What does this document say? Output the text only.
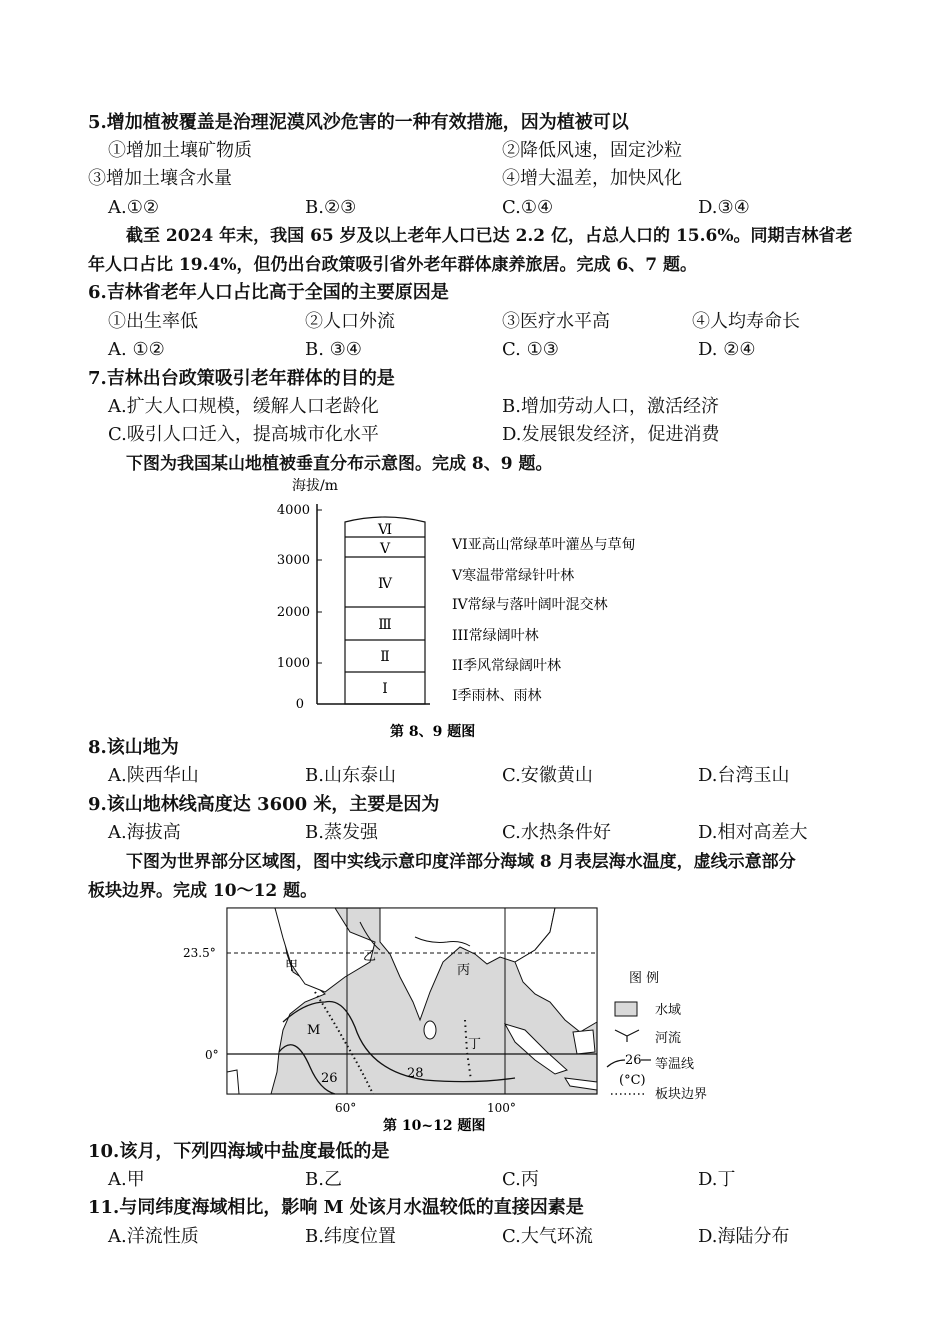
5.增加植被覆盖是治理泥漠风沙危害的一种有效措施，因为植被可以
①增加土壤矿物质	②降低风速，固定沙粒
③增加土壤含水量	④增大温差，加快风化
A.①②	B.②③	C.①④	D.③④
截至 2024 年末，我国 65 岁及以上老年人口已达 2.2 亿，占总人口的 15.6%。同期吉林省老
年人口占比 19.4%，但仍出台政策吸引省外老年群体康养旅居。完成 6、7 题。
6.吉林省老年人口占比高于全国的主要原因是
①出生率低	②人口外流	③医疗水平高	④人均寿命长
A. ①②	B. ③④	C. ①③	D. ②④
7.吉林出台政策吸引老年群体的目的是
A.扩大人口规模，缓解人口老龄化	B.增加劳动人口，激活经济
C.吸引人口迁入，提高城市化水平	D.发展银发经济，促进消费
下图为我国某山地植被垂直分布示意图。完成 8、9 题。
海拔/m
4000
3000
2000
1000
0
Ⅰ
Ⅱ
Ⅲ
Ⅳ
Ⅴ
Ⅵ
VI亚高山常绿革叶灌丛与草甸
V寒温带常绿针叶林
IV常绿与落叶阔叶混交林
III常绿阔叶林
II季风常绿阔叶林
I季雨林、雨林
第 8、9 题图
8.该山地为
A.陕西华山	B.山东泰山	C.安徽黄山	D.台湾玉山
9.该山地林线高度达 3600 米，主要是因为
A.海拔高	B.蒸发强	C.水热条件好	D.相对高差大
下图为世界部分区域图，图中实线示意印度洋部分海域 8 月表层海水温度，虚线示意部分
板块边界。完成 10～12 题。
甲
乙
丙
丁
M
26	28
23.5°
0°
60°	100°
第 10~12 题图
图 例
水域
河流
26 等温线
(°C)
板块边界
10.该月，下列四海域中盐度最低的是
A.甲	B.乙	C.丙	D.丁
11.与同纬度海域相比，影响 M 处该月水温较低的直接因素是
A.洋流性质	B.纬度位置	C.大气环流	D.海陆分布
